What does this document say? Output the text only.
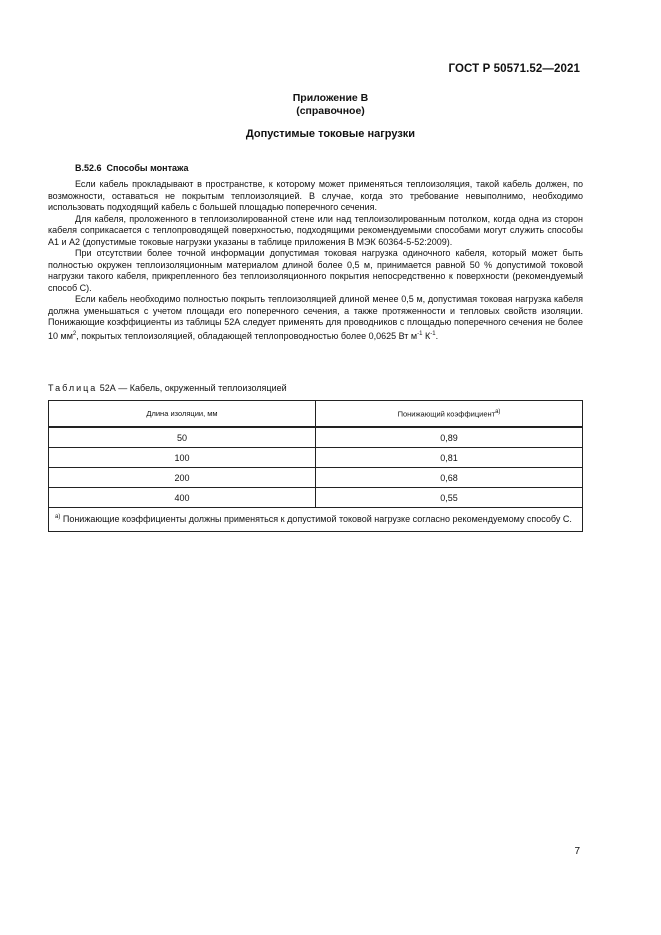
ГОСТ Р 50571.52—2021
Приложение В
(справочное)
Допустимые токовые нагрузки
В.52.6 Способы монтажа

Если кабель прокладывают в пространстве, к которому может применяться теплоизоляция, такой кабель должен, по возможности, оставаться не покрытым теплоизоляцией. В случае, когда это требование невыполнимо, необходимо использовать подходящий кабель с большей площадью поперечного сечения.

Для кабеля, проложенного в теплоизолированной стене или над теплоизолированным потолком, когда одна из сторон кабеля соприкасается с теплопроводящей поверхностью, подходящими рекомендуемыми способами могут служить способы А1 и А2 (допустимые токовые нагрузки указаны в таблице приложения В МЭК 60364-5-52:2009).

При отсутствии более точной информации допустимая токовая нагрузка одиночного кабеля, который может быть полностью окружен теплоизоляционным материалом длиной более 0,5 м, принимается равной 50 % допустимой токовой нагрузки такого кабеля, прикрепленного без теплоизоляционного покрытия непосредственно к поверхности (рекомендуемый способ С).

Если кабель необходимо полностью покрыть теплоизоляцией длиной менее 0,5 м, допустимая токовая нагрузка кабеля должна уменьшаться с учетом площади его поперечного сечения, а также протяженности и тепловых свойств изоляции. Понижающие коэффициенты из таблицы 52А следует применять для проводников с площадью поперечного сечения не более 10 $мм^2$, покрытых теплоизоляцией, обладающей теплопроводностью более 0,0625 Вт $м^{-1}$ $К^{-1}$.

Таблица 52А — Кабель, окруженный теплоизоляцией
Длина изоляции, мм	Понижающий коэффициент$^{а)}$
50	0,89
100	0,81
200	0,68
400	0,55
$^{а)}$ Понижающие коэффициенты должны применяться к допустимой токовой нагрузке согласно рекомендуемому способу С.	
7
